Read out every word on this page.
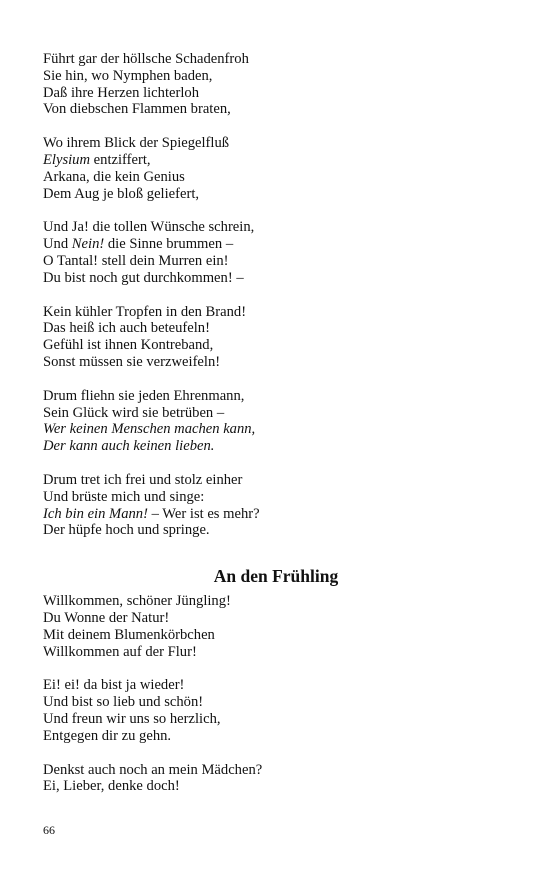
Führt gar der höllsche Schadenfroh
Sie hin, wo Nymphen baden,
Daß ihre Herzen lichterloh
Von diebschen Flammen braten,
Wo ihrem Blick der Spiegelfluß
Elysium entziffert,
Arkana, die kein Genius
Dem Aug je bloß geliefert,
Und Ja! die tollen Wünsche schrein,
Und Nein! die Sinne brummen –
O Tantal! stell dein Murren ein!
Du bist noch gut durchkommen! –
Kein kühler Tropfen in den Brand!
Das heiß ich auch beteufeln!
Gefühl ist ihnen Kontreband,
Sonst müssen sie verzweifeln!
Drum fliehn sie jeden Ehrenmann,
Sein Glück wird sie betrüben –
Wer keinen Menschen machen kann,
Der kann auch keinen lieben.
Drum tret ich frei und stolz einher
Und brüste mich und singe:
Ich bin ein Mann! – Wer ist es mehr?
Der hüpfe hoch und springe.
An den Frühling
Willkommen, schöner Jüngling!
Du Wonne der Natur!
Mit deinem Blumenkörbchen
Willkommen auf der Flur!
Ei! ei! da bist ja wieder!
Und bist so lieb und schön!
Und freun wir uns so herzlich,
Entgegen dir zu gehn.
Denkst auch noch an mein Mädchen?
Ei, Lieber, denke doch!
66
